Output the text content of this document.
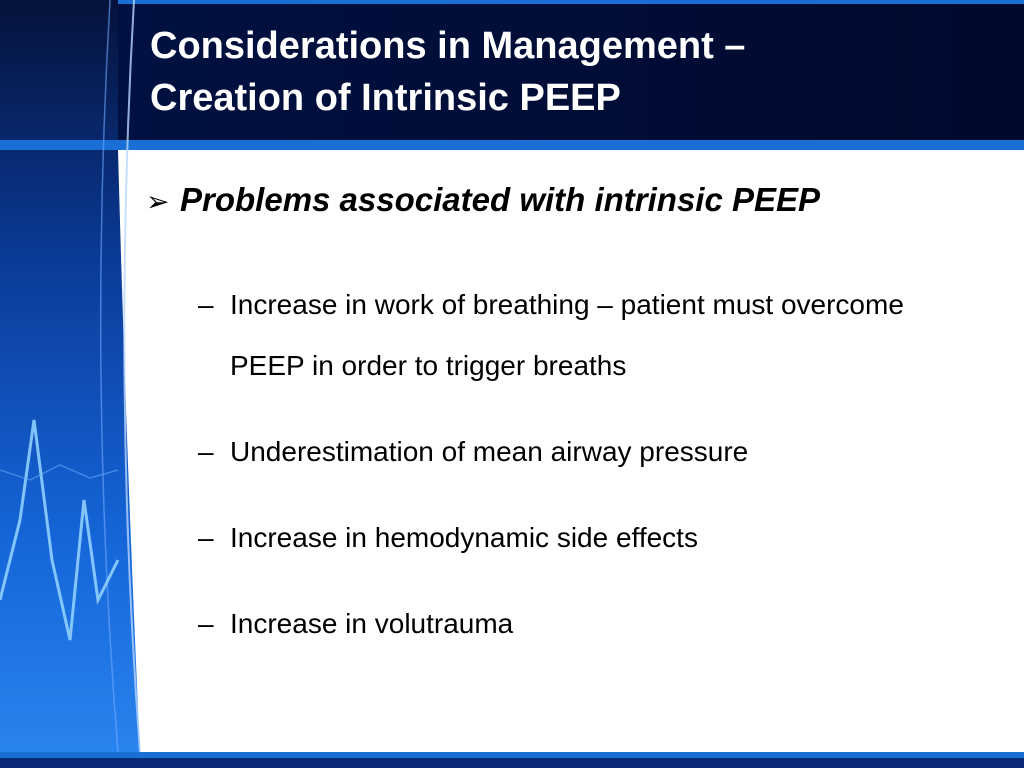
Considerations in Management –
Creation of Intrinsic PEEP
➢ Problems associated with intrinsic PEEP
– Increase in work of breathing – patient must overcome PEEP in order to trigger breaths
– Underestimation of mean airway pressure
– Increase in hemodynamic side effects
– Increase in volutrauma
